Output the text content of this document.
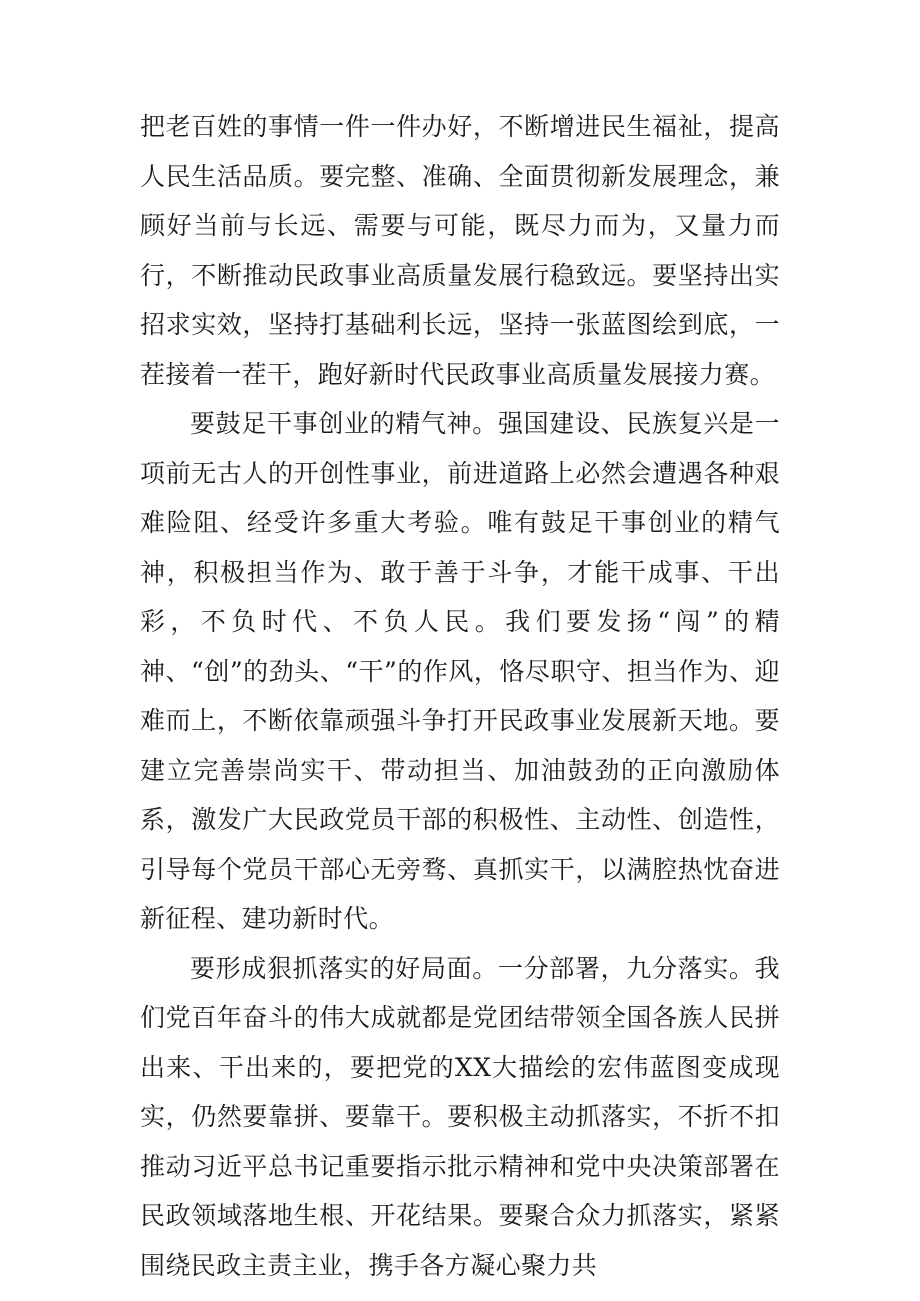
把老百姓的事情一件一件办好，不断增进民生福祉，提高人民生活品质。要完整、准确、全面贯彻新发展理念，兼顾好当前与长远、需要与可能，既尽力而为，又量力而行，不断推动民政事业高质量发展行稳致远。要坚持出实招求实效，坚持打基础利长远，坚持一张蓝图绘到底，一茬接着一茬干，跑好新时代民政事业高质量发展接力赛。

要鼓足干事创业的精气神。强国建设、民族复兴是一项前无古人的开创性事业，前进道路上必然会遭遇各种艰难险阻、经受许多重大考验。唯有鼓足干事创业的精气神，积极担当作为、敢于善于斗争，才能干成事、干出彩，不负时代、不负人民。我们要发扬“闯”的精神、“创”的劲头、“干”的作风，恪尽职守、担当作为、迎难而上，不断依靠顽强斗争打开民政事业发展新天地。要建立完善崇尚实干、带动担当、加油鼓劲的正向激励体系，激发广大民政党员干部的积极性、主动性、创造性，引导每个党员干部心无旁骛、真抓实干，以满腔热忱奋进新征程、建功新时代。

要形成狠抓落实的好局面。一分部署，九分落实。我们党百年奋斗的伟大成就都是党团结带领全国各族人民拼出来、干出来的，要把党的XX大描绘的宏伟蓝图变成现实，仍然要靠拼、要靠干。要积极主动抓落实，不折不扣推动习近平总书记重要指示批示精神和党中央决策部署在民政领域落地生根、开花结果。要聚合众力抓落实，紧紧围绕民政主责主业，携手各方凝心聚力共
